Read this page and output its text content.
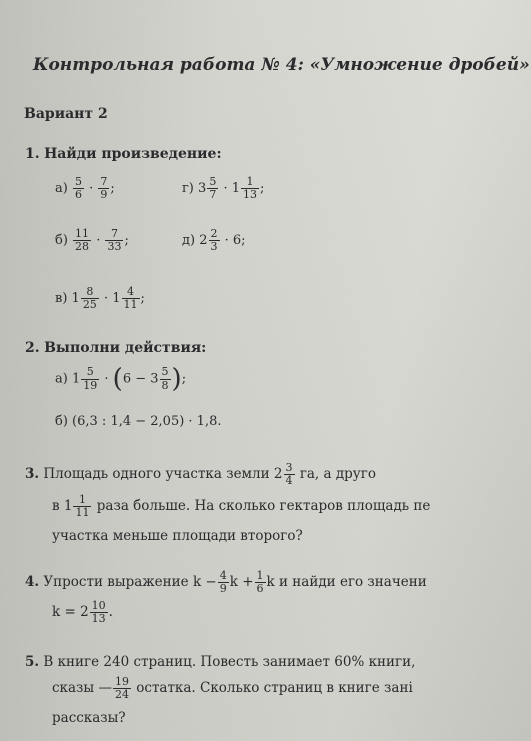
Контрольная работа № 4: «Умножение дробей»
Вариант 2
1. Найди произведение:
$а) \frac{5}{6} \cdot \frac{7}{9}$ ;	г) $3 \frac{5}{7} \cdot 1 \frac{1}{13}$ ;
$б) \frac{11}{28} \cdot \frac{7}{33}$ ;	д) $2 \frac{2}{3} \cdot 6$;
в) $1 \frac{8}{25} \cdot 1 \frac{4}{11}$ ;
2. Выполни действия:
а) $1 \frac{5}{19} \cdot (6 - 3 \frac{5}{8}$ );
б) (6,3 : 1,4 − 2,05) · 1,8.
3. Площадь одного участка земли $2 \frac{3}{4}$ га, а друго
в $1 \frac{1}{11}$ раза больше. На сколько гектаров площадь пе
участка меньше площади второго?
4. Упрости выражение $k - \frac{4}{9}$ $k + \frac{1}{6}$ k и найди его значени
$k = 2 \frac{10}{13}$ .
5. В книге 240 страниц. Повесть занимает 60% книги,
сказы — $\frac{19}{24}$ остатка. Сколько страниц в книге зані
рассказы?
